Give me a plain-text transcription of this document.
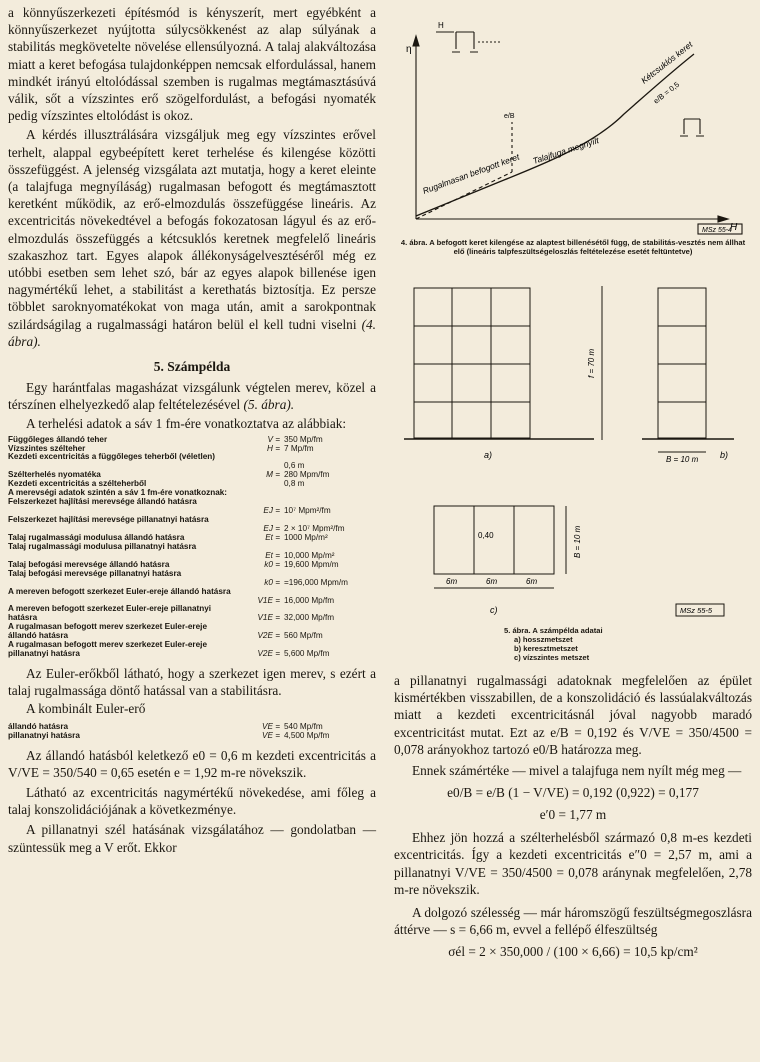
a könnyűszerkezeti építésmód is kényszerít, mert egyébként a könnyűszerkezet nyújtotta súlycsökkenést az alap súlyának a stabilitás megkövetelte növelése ellensúlyozná. A talaj alakváltozása miatt a keret befogása tulajdonképpen nemcsak elfordulással, hanem mindkét irányú eltolódással szemben is rugalmas megtámasztásúvá válik, sőt a vízszintes erő szögelfordulást, a befogási nyomaték pedig vízszintes eltolódást is okoz.

A kérdés illusztrálására vizsgáljuk meg egy vízszintes erővel terhelt, alappal egybeépített keret terhelése és kilengése közötti összefüggést. A jelenség vizsgálata azt mutatja, hogy a keret eleinte (a talajfuga megnyíláság) rugalmasan befogott és megtámasztott keretként működik, az erő-elmozdulás összefüggése lineáris. Az excentricitás növekedtével a befogás fokozatosan lágyul és az erő-elmozdulás összefüggés a kétcsuklós keretnek megfelelő lineáris szakaszhoz tart. Egyes alapok állékonyságelvesztéséről még ez utóbbi esetben sem lehet szó, bár az egyes alapok billenése igen nagymértékű lehet, a stabilitást a kerethatás biztosítja. Ez persze többlet saroknyomatékokat von maga után, amit a sarokpontnak szilárdságilag a rugalmassági határon belül el kell tudni viselni (4. ábra).

5. Számpélda

Egy harántfalas magasházat vizsgálunk végtelen merev, közel a térszínen elhelyezkedő alap feltételezésével (5. ábra).

A terhelési adatok a sáv 1 fm-ére vonatkoztatva az alábbiak:

Függőleges állandó teher	V = 350 Mp/fm
Vízszintes szélteher	H = 7 Mp/fm
Kezdeti excentricitás a függőleges teherből (véletlen)
0,6 m
Szélterhelés nyomatéka	M = 280 Mpm/fm
Kezdeti excentricitás a szélteherből	0,8 m
A merevségi adatok szintén a sáv 1 fm-ére vonatkoznak:
Felszerkezet hajlítási merevsége állandó hatásra
EJ = 10⁷ Mpm²/fm
Felszerkezet hajlítási merevsége pillanatnyi hatásra
EJ = 2 × 10⁷ Mpm²/fm
Talaj rugalmassági modulusa állandó hatásra	Et = 1000 Mp/m²
Talaj rugalmassági modulusa pillanatnyi hatásra
Et = 10,000 Mp/m²
Talaj befogási merevsége állandó hatásra	k0 = 19,600 Mpm/m
Talaj befogási merevsége pillanatnyi hatásra
k0 = =196,000 Mpm/m
A mereven befogott szerkezet Euler-ereje állandó hatásra
V1E = 16,000 Mp/fm
A mereven befogott szerkezet Euler-ereje pillanatnyi hatásra	V1E = 32,000 Mp/fm
A rugalmasan befogott merev szerkezet Euler-ereje állandó hatásra	V2E = 560 Mp/fm
A rugalmasan befogott merev szerkezet Euler-ereje pillanatnyi hatásra	V2E = 5,600 Mp/fm

Az Euler-erőkből látható, hogy a szerkezet igen merev, s ezért a talaj rugalmassága döntő hatással van a stabilitásra.

A kombinált Euler-erő

állandó hatásra	VE = 540 Mp/fm
pillanatnyi hatásra	VE = 4,500 Mp/fm

Az állandó hatásból keletkező e0 = 0,6 m kezdeti excentricitás a V/VE = 350/540 = 0,65 esetén e = 1,92 m-re növekszik.

Látható az excentricitás nagymértékű növekedése, ami főleg a talaj konszolidációjának a következménye.

A pillanatnyi szél hatásának vizsgálatához — gondolatban — szüntessük meg a V erőt. Ekkor

η
H
H
Rugalmasan befogott keret
Talajfuga megnyílt
Kétcsuklós keret
e/B = 0,5
e/B
MSz 55-4
4. ábra. A befogott keret kilengése az alaptest billenésétől függ, de stabilitás-vesztés nem állhat elő (lineáris talpfeszültségeloszlás feltételezése esetét feltüntetve)
f = 70 m
B = 10 m
a)	b)
c)
0,40	B = 10 m
6m	6m	6m
MSz 55-5
5. ábra. A számpélda adatai
a) hosszmetszet
b) keresztmetszet
c) vízszintes metszet

a pillanatnyi rugalmassági adatoknak megfelelően az épület kismértékben visszabillen, de a konszolidáció és lassúalakváltozás miatt a kezdeti excentricitásnál jóval nagyobb maradó excentricitást mutat. Ezt az e/B = 0,192 és V/VE = 350/4500 = 0,078 arányokhoz tartozó e0/B határozza meg.

Ennek számértéke — mivel a talajfuga nem nyílt még meg —

e0/B = e/B (1 − V/VE) = 0,192 (0,922) = 0,177
e′0 = 1,77 m

Ehhez jön hozzá a szélterhelésből származó 0,8 m-es kezdeti excentricitás. Így a kezdeti excentricitás e″0 = 2,57 m, ami a pillanatnyi V/VE = 350/4500 = 0,078 aránynak megfelelően, 2,78 m-re növekszik.

A dolgozó szélesség — már háromszögű feszültségmegoszlásra áttérve — s = 6,66 m, evvel a fellépő élfeszültség

σél = 2 × 350,000 / (100 × 6,66) = 10,5 kp/cm²
